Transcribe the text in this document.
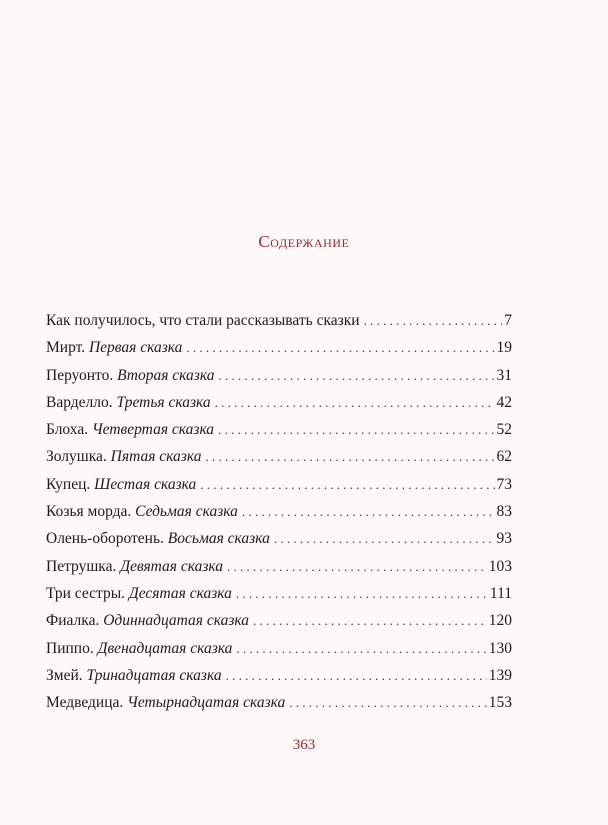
Содержание
Как получилось, что стали рассказывать сказки . . .	7
Мирт. Первая сказка . . .	19
Перуонто. Вторая сказка . . .	31
Варделло. Третья сказка . . .	42
Блоха. Четвертая сказка . . .	52
Золушка. Пятая сказка . . .	62
Купец. Шестая сказка . . .	73
Козья морда. Седьмая сказка . . .	83
Олень-оборотень. Восьмая сказка . . .	93
Петрушка. Девятая сказка . . .	103
Три сестры. Десятая сказка . . .	111
Фиалка. Одиннадцатая сказка . . .	120
Пиппо. Двенадцатая сказка . . .	130
Змей. Тринадцатая сказка . . .	139
Медведица. Четырнадцатая сказка . . .	153

363
